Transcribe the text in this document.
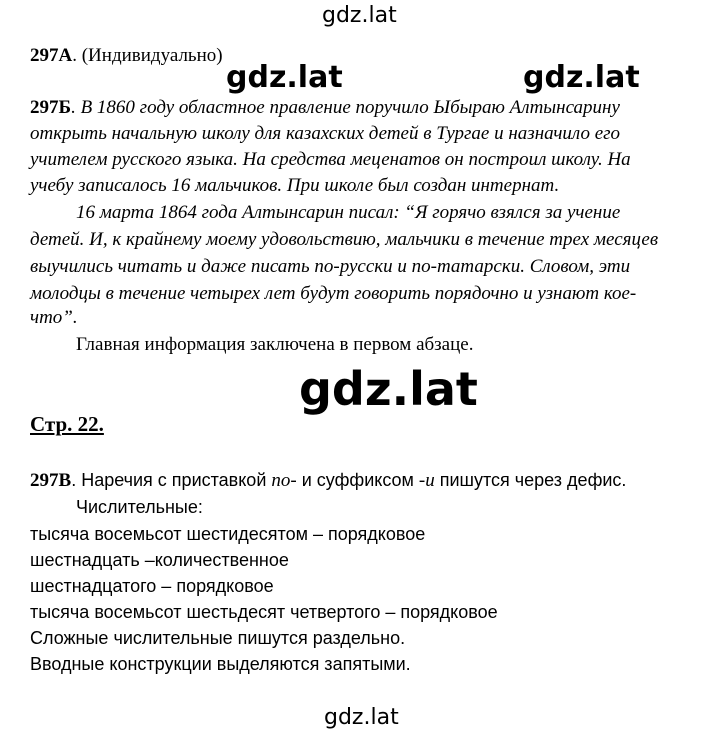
gdz.lat
297А. (Индивидуально)
gdz.lat	gdz.lat
297Б. В 1860 году областное правление поручило Ыбыраю Алтынсарину
открыть начальную школу для казахских детей в Тургае и назначило его
учителем русского языка. На средства меценатов он построил школу. На
учебу записалось 16 мальчиков. При школе был создан интернат.
16 марта 1864 года Алтынсарин писал: “Я горячо взялся за учение
детей. И, к крайнему моему удовольствию, мальчики в течение трех месяцев
выучились читать и даже писать по-русски и по-татарски. Словом, эти
молодцы в течение четырех лет будут говорить порядочно и узнают кое-
что”.
Главная информация заключена в первом абзаце.
gdz.lat
Стр. 22.
297В. Наречия с приставкой по- и суффиксом -и пишутся через дефис.
Числительные:
тысяча восемьсот шестидесятом – порядковое
шестнадцать –количественное
шестнадцатого – порядковое
тысяча восемьсот шестьдесят четвертого – порядковое
Сложные числительные пишутся раздельно.
Вводные конструкции выделяются запятыми.
gdz.lat
